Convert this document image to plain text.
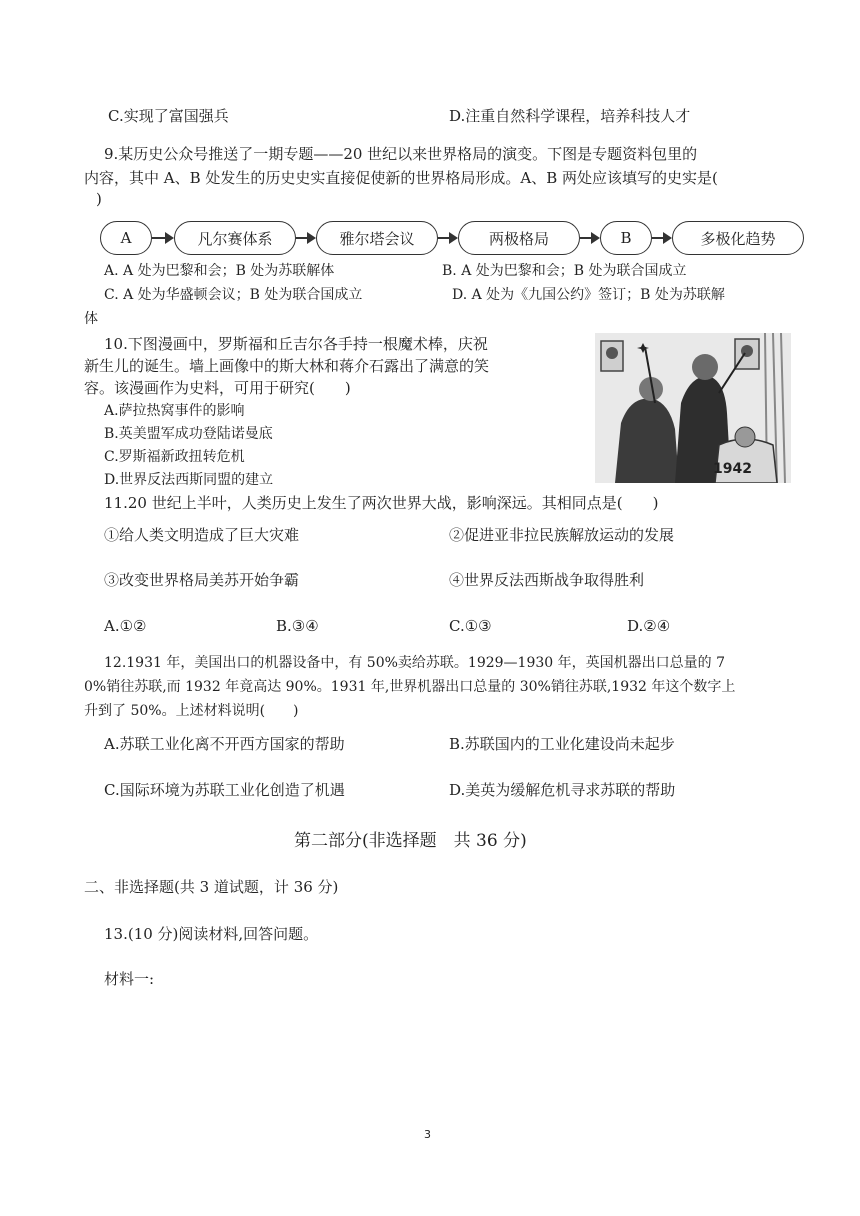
C.实现了富国强兵	D.注重自然科学课程，培养科技人才
9.某历史公众号推送了一期专题——20 世纪以来世界格局的演变。下图是专题资料包里的
内容，其中 A、B 处发生的历史史实直接促使新的世界格局形成。A、B 两处应该填写的史实是(
)
A	凡尔赛体系	雅尔塔会议	两极格局	B	多极化趋势
A. A 处为巴黎和会；B 处为苏联解体	B. A 处为巴黎和会；B 处为联合国成立
C. A 处为华盛顿会议；B 处为联合国成立	D. A 处为《九国公约》签订；B 处为苏联解
体
10.下图漫画中，罗斯福和丘吉尔各手持一根魔术棒，庆祝
新生儿的诞生。墙上画像中的斯大林和蒋介石露出了满意的笑
容。该漫画作为史料，可用于研究(　　)
A.萨拉热窝事件的影响
B.英美盟军成功登陆诺曼底
C.罗斯福新政扭转危机
D.世界反法西斯同盟的建立
1942
11.20 世纪上半叶，人类历史上发生了两次世界大战，影响深远。其相同点是(　　)
①给人类文明造成了巨大灾难	②促进亚非拉民族解放运动的发展
③改变世界格局美苏开始争霸	④世界反法西斯战争取得胜利
A.①②	B.③④	C.①③	D.②④
12.1931 年，美国出口的机器设备中，有 50%卖给苏联。1929—1930 年，英国机器出口总量的 7
0%销往苏联,而 1932 年竟高达 90%。1931 年,世界机器出口总量的 30%销往苏联,1932 年这个数字上
升到了 50%。上述材料说明(　　)
A.苏联工业化离不开西方国家的帮助	B.苏联国内的工业化建设尚未起步
C.国际环境为苏联工业化创造了机遇	D.美英为缓解危机寻求苏联的帮助
第二部分(非选择题　共 36 分)
二、非选择题(共 3 道试题，计 36 分)
13.(10 分)阅读材料,回答问题。
材料一:
3
